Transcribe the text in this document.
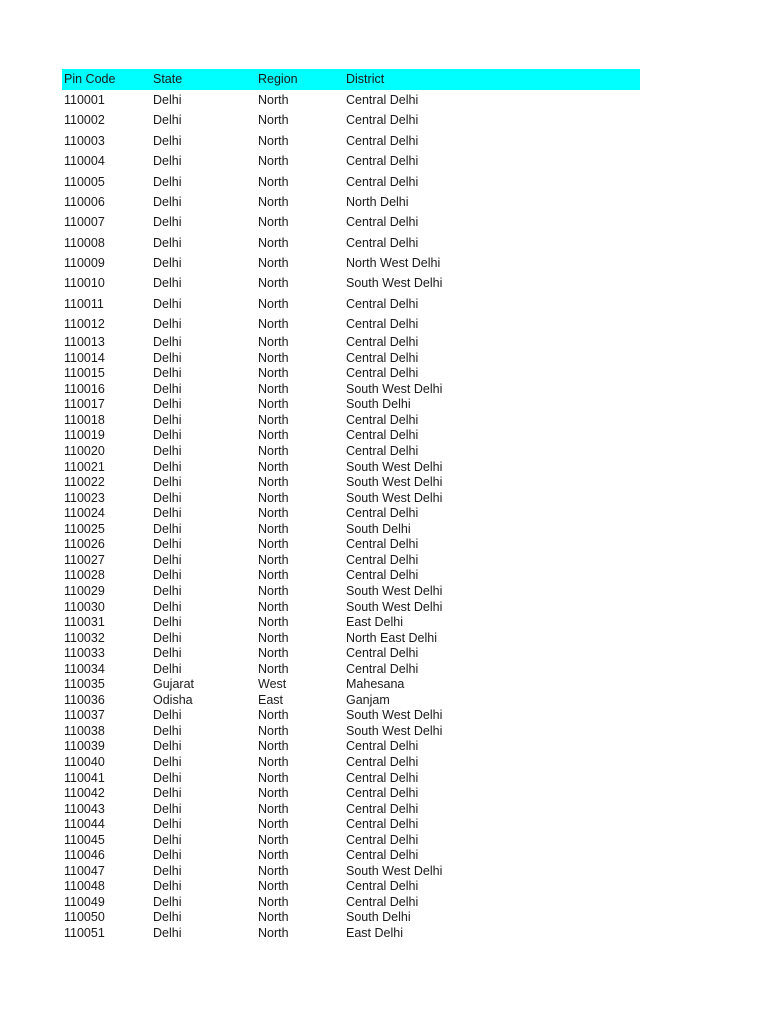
Pin Code	State	Region	District
110001	Delhi	North	Central Delhi
110002	Delhi	North	Central Delhi
110003	Delhi	North	Central Delhi
110004	Delhi	North	Central Delhi
110005	Delhi	North	Central Delhi
110006	Delhi	North	North Delhi
110007	Delhi	North	Central Delhi
110008	Delhi	North	Central Delhi
110009	Delhi	North	North West Delhi
110010	Delhi	North	South West Delhi
110011	Delhi	North	Central Delhi
110012	Delhi	North	Central Delhi
110013	Delhi	North	Central Delhi
110014	Delhi	North	Central Delhi
110015	Delhi	North	Central Delhi
110016	Delhi	North	South West Delhi
110017	Delhi	North	South Delhi
110018	Delhi	North	Central Delhi
110019	Delhi	North	Central Delhi
110020	Delhi	North	Central Delhi
110021	Delhi	North	South West Delhi
110022	Delhi	North	South West Delhi
110023	Delhi	North	South West Delhi
110024	Delhi	North	Central Delhi
110025	Delhi	North	South Delhi
110026	Delhi	North	Central Delhi
110027	Delhi	North	Central Delhi
110028	Delhi	North	Central Delhi
110029	Delhi	North	South West Delhi
110030	Delhi	North	South West Delhi
110031	Delhi	North	East Delhi
110032	Delhi	North	North East Delhi
110033	Delhi	North	Central Delhi
110034	Delhi	North	Central Delhi
110035	Gujarat	West	Mahesana
110036	Odisha	East	Ganjam
110037	Delhi	North	South West Delhi
110038	Delhi	North	South West Delhi
110039	Delhi	North	Central Delhi
110040	Delhi	North	Central Delhi
110041	Delhi	North	Central Delhi
110042	Delhi	North	Central Delhi
110043	Delhi	North	Central Delhi
110044	Delhi	North	Central Delhi
110045	Delhi	North	Central Delhi
110046	Delhi	North	Central Delhi
110047	Delhi	North	South West Delhi
110048	Delhi	North	Central Delhi
110049	Delhi	North	Central Delhi
110050	Delhi	North	South Delhi
110051	Delhi	North	East Delhi
